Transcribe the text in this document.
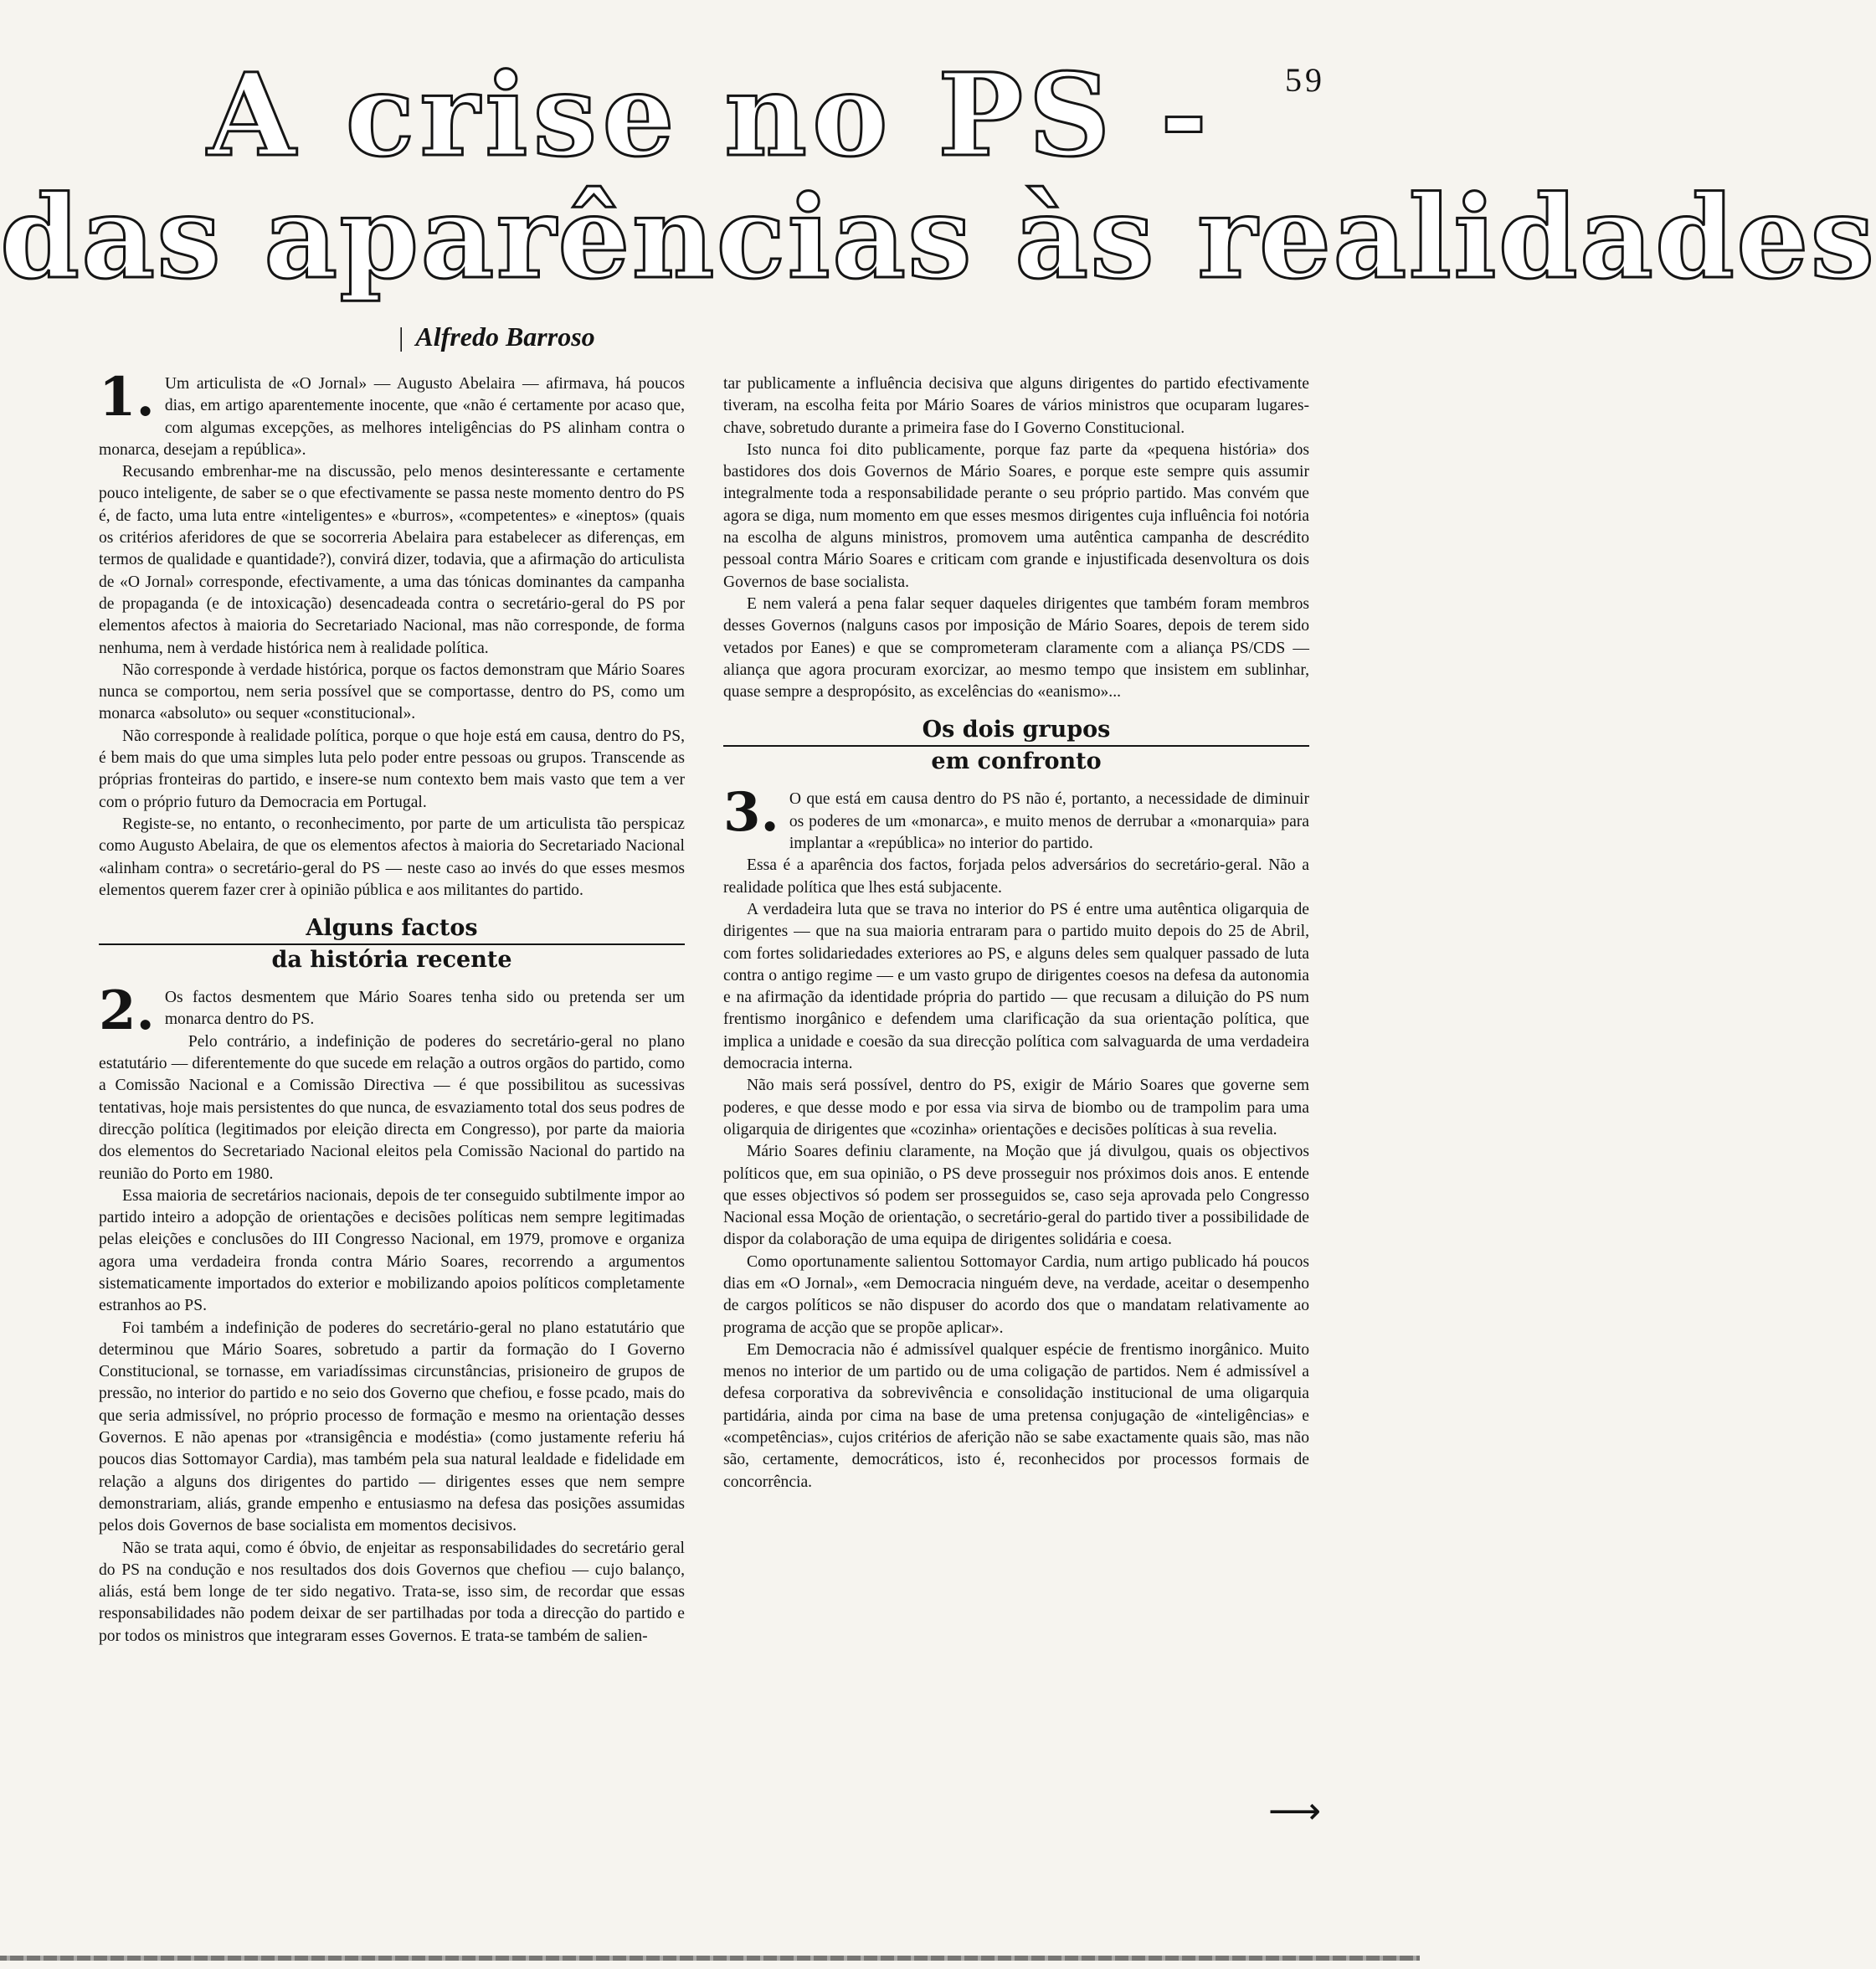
59
A crise no PS -
das aparências às realidades
| Alfredo Barroso

1. Um articulista de «O Jornal» — Augusto Abelaira — afirmava, há poucos dias, em artigo aparentemente inocente, que «não é certamente por acaso que, com algumas excepções, as melhores inteligências do PS alinham contra o monarca, desejam a república».

Recusando embrenhar-me na discussão, pelo menos desinteressante e certamente pouco inteligente, de saber se o que efectivamente se passa neste momento dentro do PS é, de facto, uma luta entre «inteligentes» e «burros», «competentes» e «ineptos» (quais os critérios aferidores de que se socorreria Abelaira para estabelecer as diferenças, em termos de qualidade e quantidade?), convirá dizer, todavia, que a afirmação do articulista de «O Jornal» corresponde, efectivamente, a uma das tónicas dominantes da campanha de propaganda (e de intoxicação) desencadeada contra o secretário-geral do PS por elementos afectos à maioria do Secretariado Nacional, mas não corresponde, de forma nenhuma, nem à verdade histórica nem à realidade política.

Não corresponde à verdade histórica, porque os factos demonstram que Mário Soares nunca se comportou, nem seria possível que se comportasse, dentro do PS, como um monarca «absoluto» ou sequer «constitucional».

Não corresponde à realidade política, porque o que hoje está em causa, dentro do PS, é bem mais do que uma simples luta pelo poder entre pessoas ou grupos. Transcende as próprias fronteiras do partido, e insere-se num contexto bem mais vasto que tem a ver com o próprio futuro da Democracia em Portugal.

Registe-se, no entanto, o reconhecimento, por parte de um articulista tão perspicaz como Augusto Abelaira, de que os elementos afectos à maioria do Secretariado Nacional «alinham contra» o secretário-geral do PS — neste caso ao invés do que esses mesmos elementos querem fazer crer à opinião pública e aos militantes do partido.

Alguns factos
da história recente

2. Os factos desmentem que Mário Soares tenha sido ou pretenda ser um monarca dentro do PS.

Pelo contrário, a indefinição de poderes do secretário-geral no plano estatutário — diferentemente do que sucede em relação a outros orgãos do partido, como a Comissão Nacional e a Comissão Directiva — é que possibilitou as sucessivas tentativas, hoje mais persistentes do que nunca, de esvaziamento total dos seus podres de direcção política (legitimados por eleição directa em Congresso), por parte da maioria dos elementos do Secretariado Nacional eleitos pela Comissão Nacional do partido na reunião do Porto em 1980.

Essa maioria de secretários nacionais, depois de ter conseguido subtilmente impor ao partido inteiro a adopção de orientações e decisões políticas nem sempre legitimadas pelas eleições e conclusões do III Congresso Nacional, em 1979, promove e organiza agora uma verdadeira fronda contra Mário Soares, recorrendo a argumentos sistematicamente importados do exterior e mobilizando apoios políticos completamente estranhos ao PS.

Foi também a indefinição de poderes do secretário-geral no plano estatutário que determinou que Mário Soares, sobretudo a partir da formação do I Governo Constitucional, se tornasse, em variadíssimas circunstâncias, prisioneiro de grupos de pressão, no interior do partido e no seio dos Governo que chefiou, e fosse pcado, mais do que seria admissível, no próprio processo de formação e mesmo na orientação desses Governos. E não apenas por «transigência e modéstia» (como justamente referiu há poucos dias Sottomayor Cardia), mas também pela sua natural lealdade e fidelidade em relação a alguns dos dirigentes do partido — dirigentes esses que nem sempre demonstrariam, aliás, grande empenho e entusiasmo na defesa das posições assumidas pelos dois Governos de base socialista em momentos decisivos.

Não se trata aqui, como é óbvio, de enjeitar as responsabilidades do secretário geral do PS na condução e nos resultados dos dois Governos que chefiou — cujo balanço, aliás, está bem longe de ter sido negativo. Trata-se, isso sim, de recordar que essas responsabilidades não podem deixar de ser partilhadas por toda a direcção do partido e por todos os ministros que integraram esses Governos. E trata-se também de salien-

tar publicamente a influência decisiva que alguns dirigentes do partido efectivamente tiveram, na escolha feita por Mário Soares de vários ministros que ocuparam lugares-chave, sobretudo durante a primeira fase do I Governo Constitucional.

Isto nunca foi dito publicamente, porque faz parte da «pequena história» dos bastidores dos dois Governos de Mário Soares, e porque este sempre quis assumir integralmente toda a responsabilidade perante o seu próprio partido. Mas convém que agora se diga, num momento em que esses mesmos dirigentes cuja influência foi notória na escolha de alguns ministros, promovem uma autêntica campanha de descrédito pessoal contra Mário Soares e criticam com grande e injustificada desenvoltura os dois Governos de base socialista.

E nem valerá a pena falar sequer daqueles dirigentes que também foram membros desses Governos (nalguns casos por imposição de Mário Soares, depois de terem sido vetados por Eanes) e que se comprometeram claramente com a aliança PS/CDS — aliança que agora procuram exorcizar, ao mesmo tempo que insistem em sublinhar, quase sempre a despropósito, as excelências do «eanismo»...

Os dois grupos
em confronto

3. O que está em causa dentro do PS não é, portanto, a necessidade de diminuir os poderes de um «monarca», e muito menos de derrubar a «monarquia» para implantar a «república» no interior do partido.

Essa é a aparência dos factos, forjada pelos adversários do secretário-geral. Não a realidade política que lhes está subjacente.

A verdadeira luta que se trava no interior do PS é entre uma autêntica oligarquia de dirigentes — que na sua maioria entraram para o partido muito depois do 25 de Abril, com fortes solidariedades exteriores ao PS, e alguns deles sem qualquer passado de luta contra o antigo regime — e um vasto grupo de dirigentes coesos na defesa da autonomia e na afirmação da identidade própria do partido — que recusam a diluição do PS num frentismo inorgânico e defendem uma clarificação da sua orientação política, que implica a unidade e coesão da sua direcção política com salvaguarda de uma verdadeira democracia interna.

Não mais será possível, dentro do PS, exigir de Mário Soares que governe sem poderes, e que desse modo e por essa via sirva de biombo ou de trampolim para uma oligarquia de dirigentes que «cozinha» orientações e decisões políticas à sua revelia.

Mário Soares definiu claramente, na Moção que já divulgou, quais os objectivos políticos que, em sua opinião, o PS deve prosseguir nos próximos dois anos. E entende que esses objectivos só podem ser prosseguidos se, caso seja aprovada pelo Congresso Nacional essa Moção de orientação, o secretário-geral do partido tiver a possibilidade de dispor da colaboração de uma equipa de dirigentes solidária e coesa.

Como oportunamente salientou Sottomayor Cardia, num artigo publicado há poucos dias em «O Jornal», «em Democracia ninguém deve, na verdade, aceitar o desempenho de cargos políticos se não dispuser do acordo dos que o mandatam relativamente ao programa de acção que se propõe aplicar».

Em Democracia não é admissível qualquer espécie de frentismo inorgânico. Muito menos no interior de um partido ou de uma coligação de partidos. Nem é admissível a defesa corporativa da sobrevivência e consolidação institucional de uma oligarquia partidária, ainda por cima na base de uma pretensa conjugação de «inteligências» e «competências», cujos critérios de aferição não se sabe exactamente quais são, mas não são, certamente, democráticos, isto é, reconhecidos por processos formais de concorrência.

⟶
